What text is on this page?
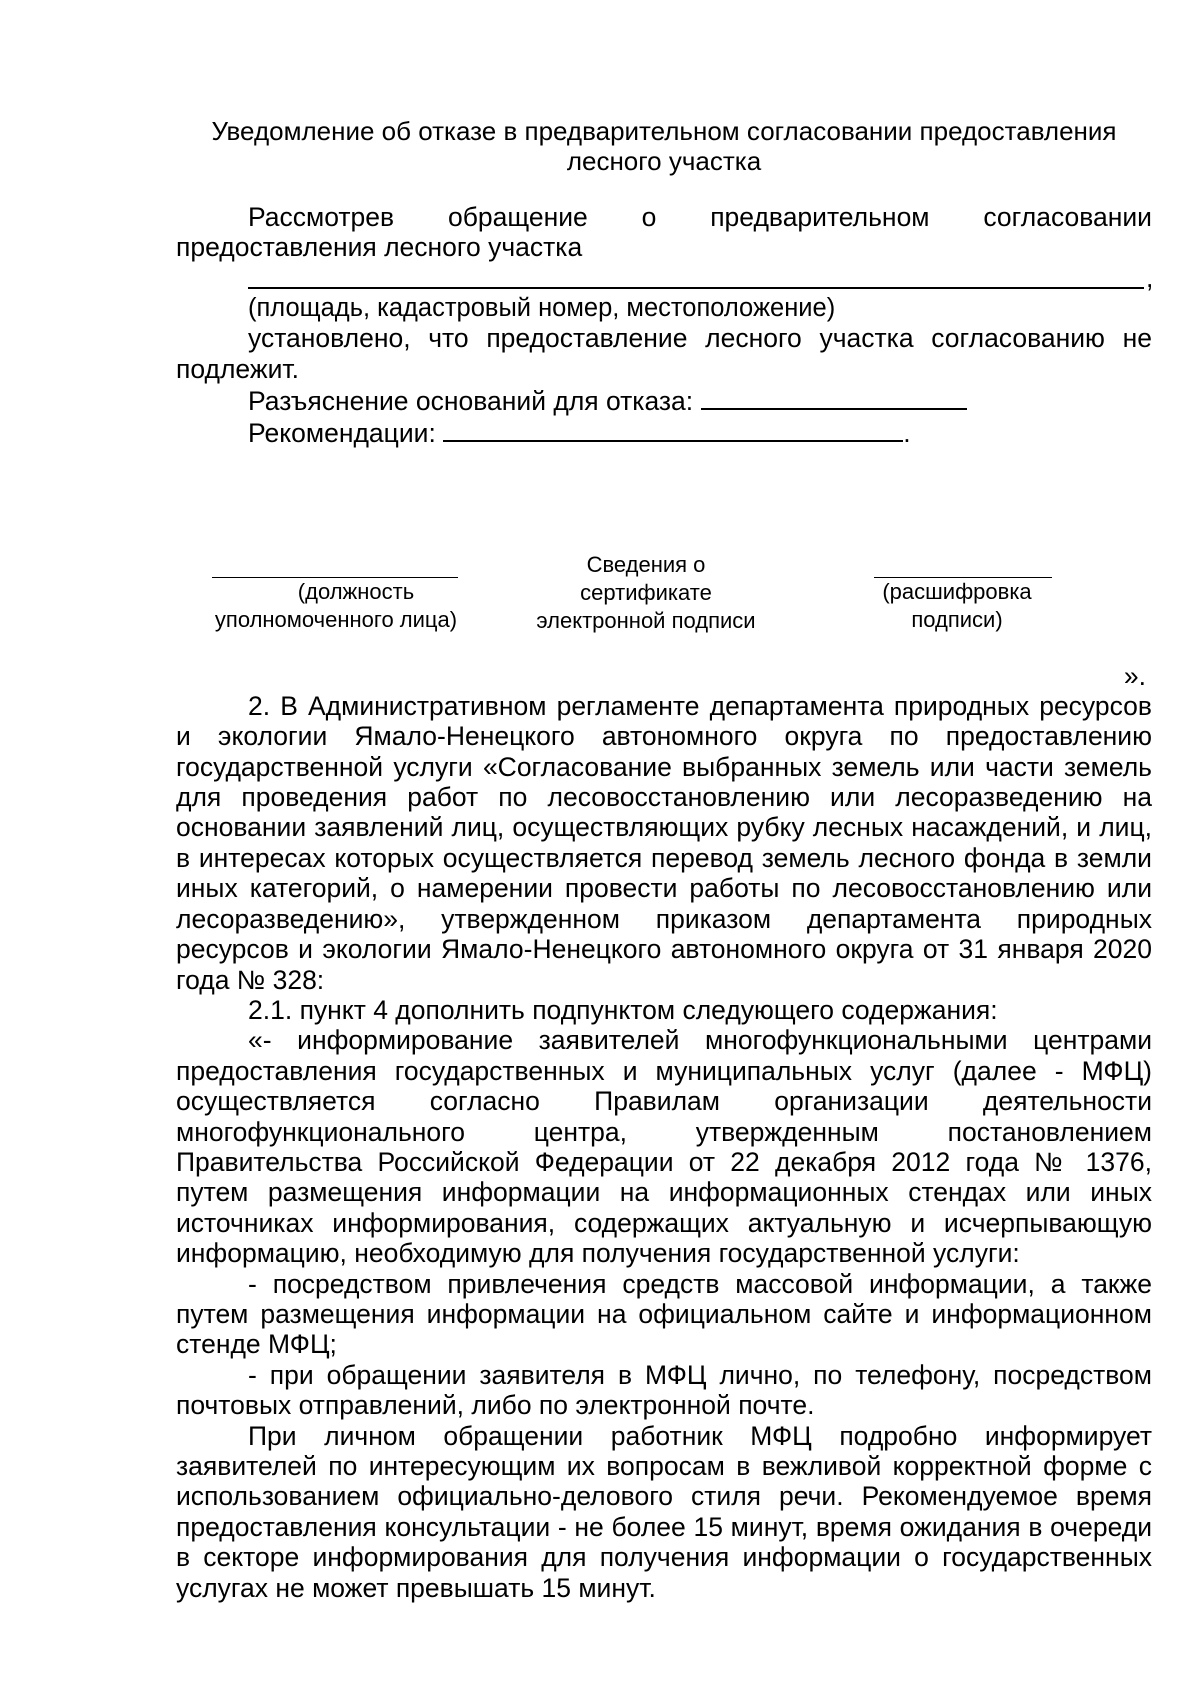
Уведомление об отказе в предварительном согласовании предоставления
лесного участка

Рассмотрев обращение о предварительном согласовании

предоставления лесного участка

,

(площадь, кадастровый номер, местоположение)

установлено, что предоставление лесного участка согласованию не подлежит.

Разъяснение оснований для отказа:

Рекомендации:	.

(должность
уполномоченного лица)
Сведения о
сертификате
электронной подписи
(расшифровка
подписи)
».

2. В Административном регламенте департамента природных ресурсов и экологии Ямало-Ненецкого автономного округа по предоставлению государственной услуги «Согласование выбранных земель или части земель для проведения работ по лесовосстановлению или лесоразведению на основании заявлений лиц, осуществляющих рубку лесных насаждений, и лиц, в интересах которых осуществляется перевод земель лесного фонда в земли иных категорий, о намерении провести работы по лесовосстановлению или лесоразведению», утвержденном приказом департамента природных ресурсов и экологии Ямало-Ненецкого автономного округа от 31 января 2020 года № 328:

2.1. пункт 4 дополнить подпунктом следующего содержания:

«- информирование заявителей многофункциональными центрами предоставления государственных и муниципальных услуг (далее - МФЦ) осуществляется согласно Правилам организации деятельности многофункционального центра, утвержденным постановлением Правительства Российской Федерации от 22 декабря 2012 года № 1376, путем размещения информации на информационных стендах или иных источниках информирования, содержащих актуальную и исчерпывающую информацию, необходимую для получения государственной услуги:

- посредством привлечения средств массовой информации, а также путем размещения информации на официальном сайте и информационном стенде МФЦ;

- при обращении заявителя в МФЦ лично, по телефону, посредством почтовых отправлений, либо по электронной почте.

При личном обращении работник МФЦ подробно информирует заявителей по интересующим их вопросам в вежливой корректной форме с использованием официально-делового стиля речи. Рекомендуемое время предоставления консультации - не более 15 минут, время ожидания в очереди в секторе информирования для получения информации о государственных услугах не может превышать 15 минут.
